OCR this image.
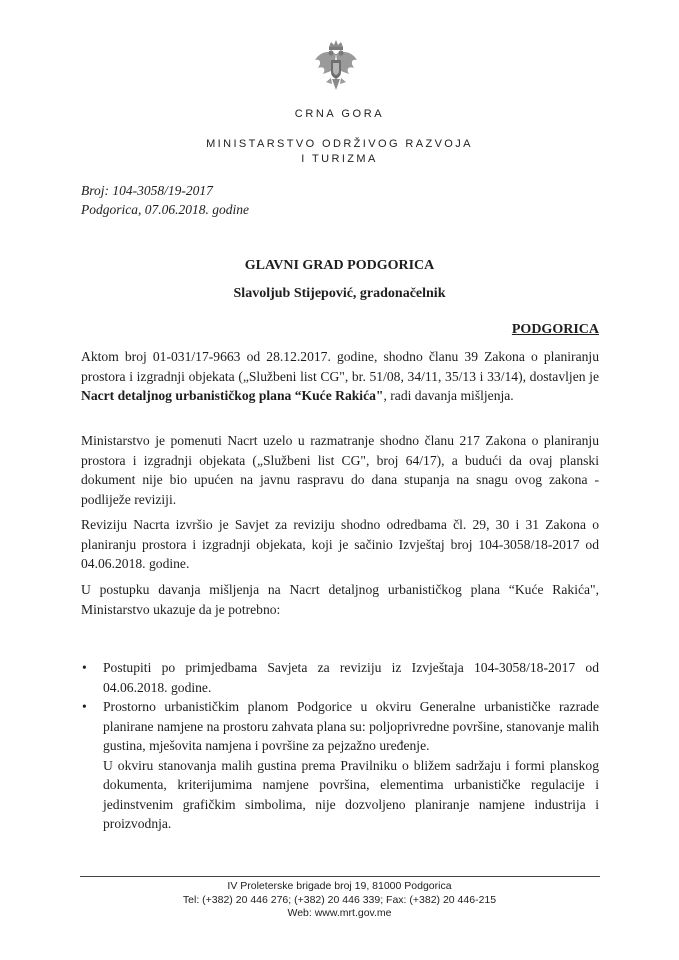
CRNA GORA
MINISTARSTVO ODRŽIVOG RAZVOJA
I TURIZMA
Broj: 104-3058/19-2017
Podgorica, 07.06.2018. godine
GLAVNI GRAD PODGORICA
Slavoljub Stijepović, gradonačelnik
PODGORICA
Aktom broj 01-031/17-9663 od 28.12.2017. godine, shodno članu 39 Zakona o planiranju prostora i izgradnji objekata („Službeni list CG", br. 51/08, 34/11, 35/13 i 33/14), dostavljen je Nacrt detaljnog urbanističkog plana “Kuće Rakića", radi davanja mišljenja.
Ministarstvo je pomenuti Nacrt uzelo u razmatranje shodno članu 217 Zakona o planiranju prostora i izgradnji objekata („Službeni list CG", broj 64/17), a budući da ovaj planski dokument nije bio upućen na javnu raspravu do dana stupanja na snagu ovog zakona - podliježe reviziji.
Reviziju Nacrta izvršio je Savjet za reviziju shodno odredbama čl. 29, 30 i 31 Zakona o planiranju prostora i izgradnji objekata, koji je sačinio Izvještaj broj 104-3058/18-2017 od 04.06.2018. godine.
U postupku davanja mišljenja na Nacrt detaljnog urbanističkog plana “Kuće Rakića", Ministarstvo ukazuje da je potrebno:
• Postupiti po primjedbama Savjeta za reviziju iz Izvještaja 104-3058/18-2017 od 04.06.2018. godine.
• Prostorno urbanističkim planom Podgorice u okviru Generalne urbanističke razrade planirane namjene na prostoru zahvata plana su: poljoprivredne površine, stanovanje malih gustina, mješovita namjena i površine za pejzažno uređenje.
U okviru stanovanja malih gustina prema Pravilniku o bližem sadržaju i formi planskog dokumenta, kriterijumima namjene površina, elementima urbanističke regulacije i jedinstvenim grafičkim simbolima, nije dozvoljeno planiranje namjene industrija i proizvodnja.
IV Proleterske brigade broj 19, 81000 Podgorica
Tel: (+382) 20 446 276; (+382) 20 446 339; Fax: (+382) 20 446-215
Web: www.mrt.gov.me
